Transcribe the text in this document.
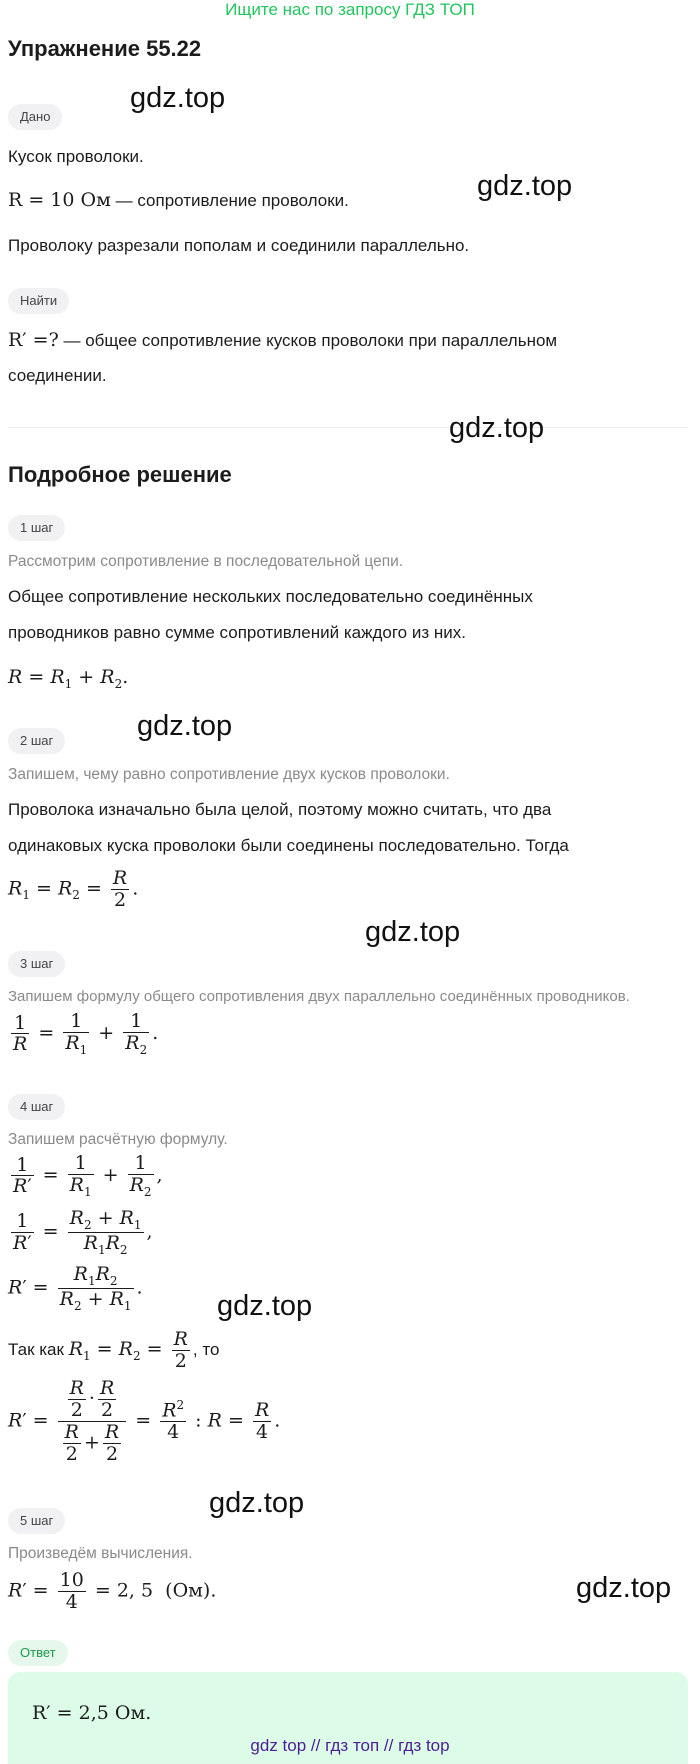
Ищите нас по запросу ГДЗ ТОП
Упражнение 55.22
Дано
Кусок проволоки.
R = 10 Ом — сопротивление проволоки.
Проволоку разрезали пополам и соединили параллельно.
Найти
R′ =? — общее сопротивление кусков проволоки при параллельном
соединении.
Подробное решение
1 шаг
Рассмотрим сопротивление в последовательной цепи.
Общее сопротивление нескольких последовательно соединённых
проводников равно сумме сопротивлений каждого из них.
$R = R_1 + R_2$.
2 шаг
Запишем, чему равно сопротивление двух кусков проволоки.
Проволока изначально была целой, поэтому можно считать, что два
одинаковых куска проволоки были соединены последовательно. Тогда
$R_1 = R_2 = \frac{R}{2}$ .
3 шаг
Запишем формулу общего сопротивления двух параллельно соединённых проводников.
$\frac{1}{R} = \frac{1}{R_1} + \frac{1}{R_2}$ .
4 шаг
Запишем расчётную формулу.
$\frac{1}{R'} = \frac{1}{R_1} + \frac{1}{R_2}$ ,
$\frac{1}{R'} = \frac{R_2 + R_1}{R_1R_2}$ ,
$R' = \frac{R_1R_2}{R_2 + R_1}$ .
Так как $R_1 = R_2 = \frac{R}{2}$ , то
$R' = \frac{\frac{R}{2} \cdot \frac{R}{2}}{\frac{R}{2} + \frac{R}{2}} = \frac{R^2}{4}$ : $R = \frac{R}{4}$ .
5 шаг
Произведём вычисления.
$R' = \frac{10}{4} = 2$, 5  (Ом).
Ответ
R′ = 2,5 Ом.
gdz.top
gdz.top
gdz.top
gdz.top
gdz.top
gdz.top
gdz.top
gdz.top
gdz top // гдз топ // гдз top
